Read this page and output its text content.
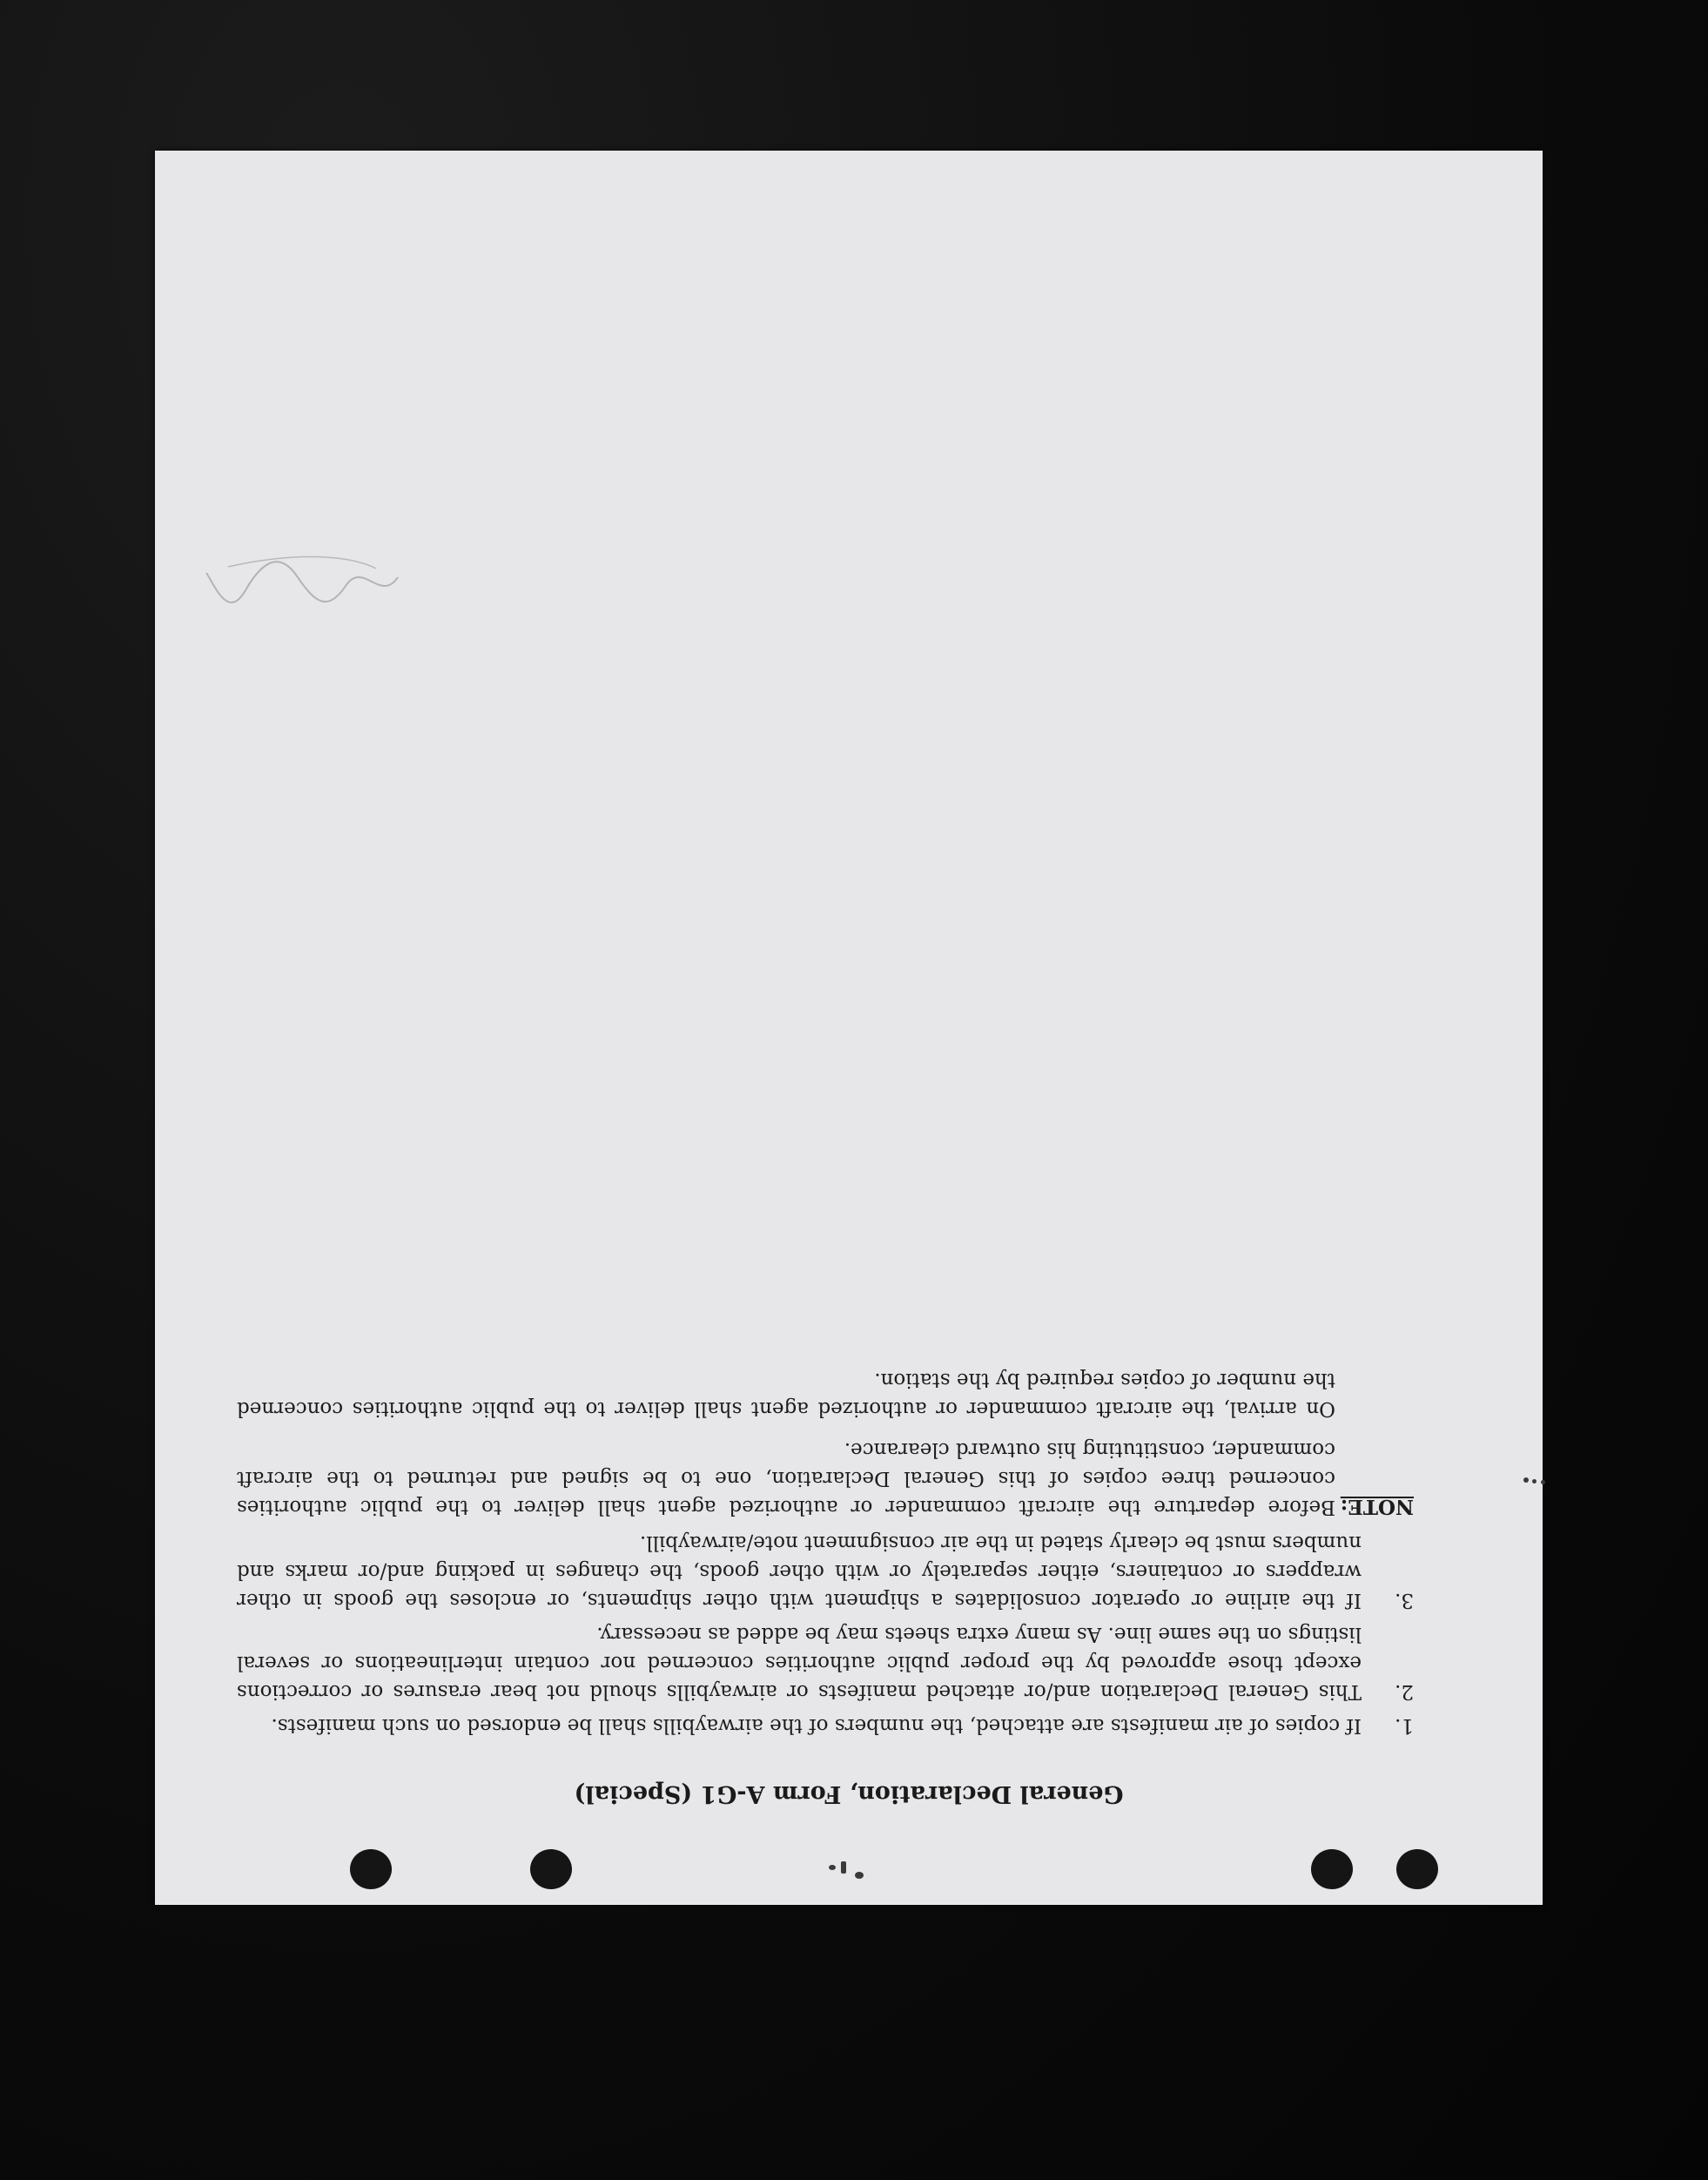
General Declaration, Form A-G1 (Special)
1.
If copies of air manifests are attached, the numbers of the airwaybills shall be endorsed on such manifests.
2.
This General Declaration and/or attached manifests or airwaybills should not bear erasures or corrections except those approved by the proper public authorities concerned nor contain interlineations or several listings on the same line. As many extra sheets may be added as necessary.
3.
If the airline or operator consolidates a shipment with other shipments, or encloses the goods in other wrappers or containers, either separately or with other goods, the changes in packing and/or marks and numbers must be clearly stated in the air consignment note/airwaybill.
NOTE:

Before departure the aircraft commander or authorized agent shall deliver to the public authorities concerned three copies of this General Declaration, one to be signed and returned to the aircraft commander, constituting his outward clearance.

On arrival, the aircraft commander or authorized agent shall deliver to the public authorities concerned the number of copies required by the station.
